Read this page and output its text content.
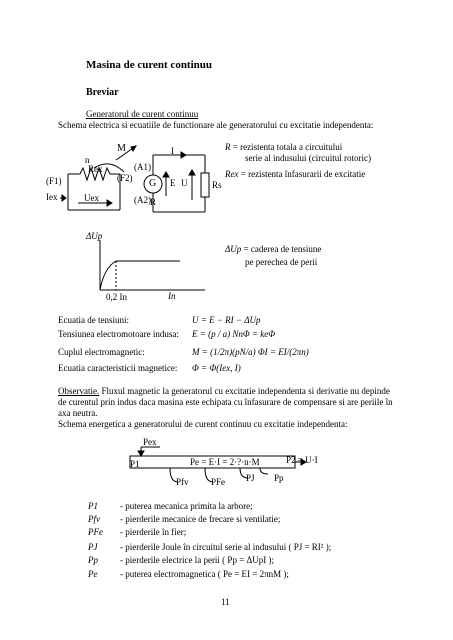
Masina de curent continuu
Breviar
Generatorul de curent continuu
Schema electrica si ecuatiile de functionare ale generatorului cu excitatie independenta:
M
n
Rex
I
(F1)	(F2)
(A1)
(A2)
G E
R
U	Rs
Iex	Uex
R = rezistenta totala a circuitului
serie al indusului (circuitul rotoric)
Rex = rezistenta înfasurarii de excitatie
ΔUp
0,2 In	In
ΔUp = caderea de tensiune
pe perechea de perii
Ecuatia de tensiuni:	U = E − RI − ΔUp
Tensiunea electromotoare indusa: E = (p / a) NnΦ = keΦ
Cuplul electromagnetic:	M = (1/2π)(pN/a) ΦI = EI/(2πn)
Ecuatia caracteristicii magnetice: Φ = Φ(Iex, I)
Observatie. Fluxul magnetic la generatorul cu excitatie independenta si derivatie nu depinde de curentul prin indus daca masina este echipata cu înfasurare de compensare si are periile în axa neutra.
Schema energetica a generatorului de curent continuu cu excitatie independenta:
P1
Pex
Pe = E·I = 2·?·n·M	P2 = U·I
Pfv PFe PJ Pp
P1 - puterea mecanica primita la arbore;
Pfv - pierderile mecanice de frecare si ventilatie;
PFe - pierderile în fier;
PJ	- pierderile Joule în circuitul serie al indusului ( PJ = RI² );
Pp - pierderile electrice la perii ( Pp = ΔUpI );
Pe	- puterea electromagnetica ( Pe = EI = 2πnM );
11
